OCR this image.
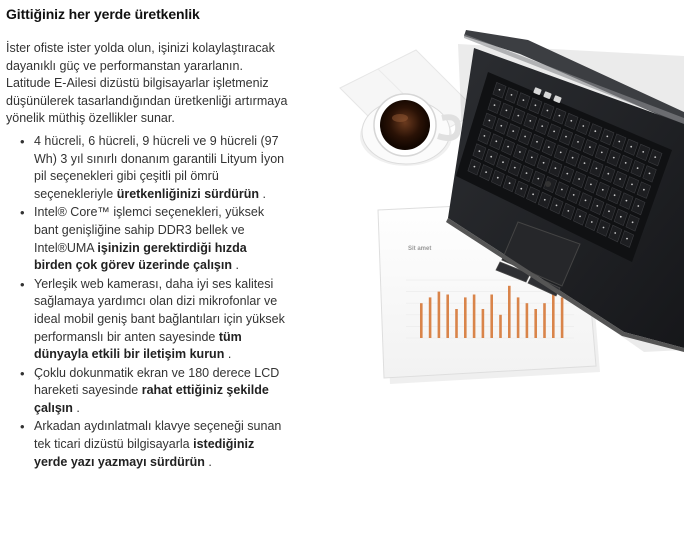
Gittiğiniz her yerde üretkenlik

İster ofiste ister yolda olun, işinizi kolaylaştıracak dayanıklı güç ve performanstan yararlanın. Latitude E-Ailesi dizüstü bilgisayarlar işletmeniz düşünülerek tasarlandığından üretkenliği artırmaya yönelik müthiş özellikler sunar.

• 4 hücreli, 6 hücreli, 9 hücreli ve 9 hücreli (97 Wh) 3 yıl sınırlı donanım garantili Lityum İyon pil seçenekleri gibi çeşitli pil ömrü seçenekleriyle üretkenliğinizi sürdürün .
• Intel® Core™ işlemci seçenekleri, yüksek bant genişliğine sahip DDR3 bellek ve Intel®UMA işinizin gerektirdiği hızda birden çok görev üzerinde çalışın .
• Yerleşik web kamerası, daha iyi ses kalitesi sağlamaya yardımcı olan dizi mikrofonlar ve ideal mobil geniş bant bağlantıları için yüksek performanslı bir anten sayesinde tüm dünyayla etkili bir iletişim kurun .
• Çoklu dokunmatik ekran ve 180 derece LCD hareketi sayesinde rahat ettiğiniz şekilde çalışın .
• Arkadan aydınlatmalı klavye seçeneği sunan tek ticari dizüstü bilgisayarla istediğiniz yerde yazı yazmayı sürdürün .
Sit amet
